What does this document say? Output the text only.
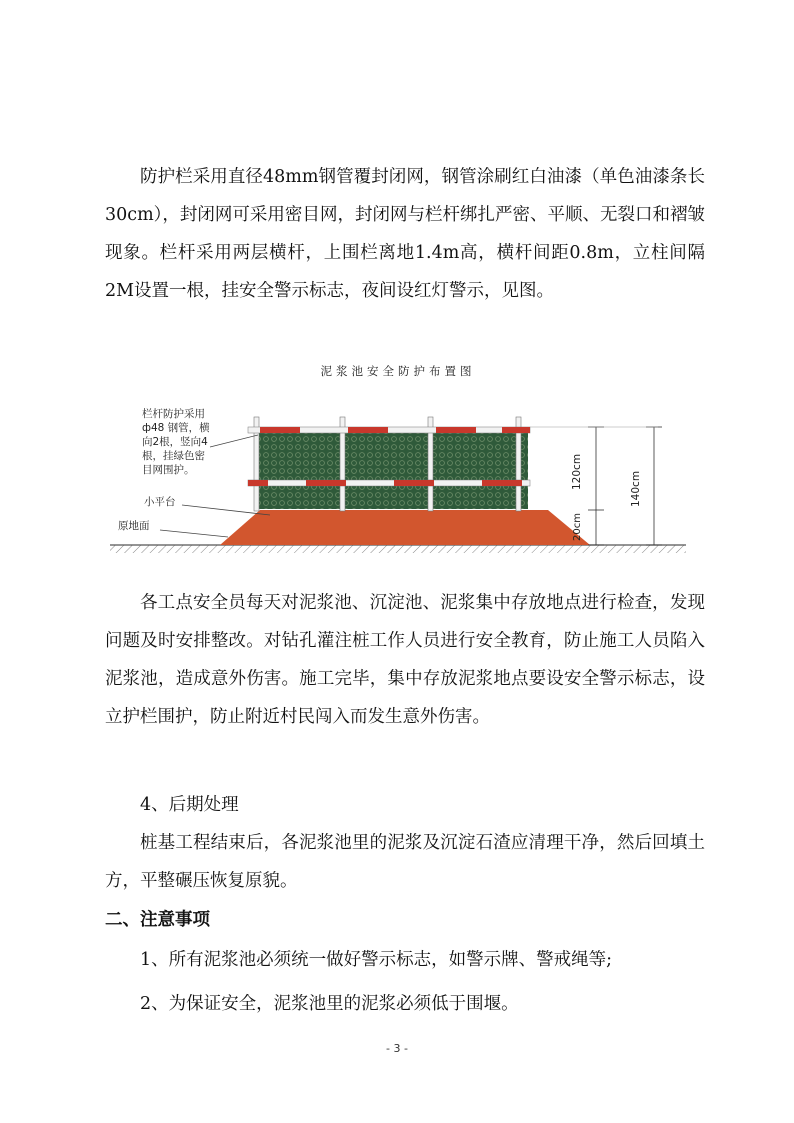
防护栏采用直径48mm钢管覆封闭网，钢管涂刷红白油漆（单色油漆条长30cm），封闭网可采用密目网，封闭网与栏杆绑扎严密、平顺、无裂口和褶皱现象。栏杆采用两层横杆，上围栏离地1.4m高，横杆间距0.8m，立柱间隔2M设置一根，挂安全警示标志，夜间设红灯警示，见图。

泥浆池安全防护布置图

120cm
20cm
140cm
栏杆防护采用
ф48 钢管，横
向2根，竖向4
根，挂绿色密
目网围护。
小平台
原地面

各工点安全员每天对泥浆池、沉淀池、泥浆集中存放地点进行检查，发现问题及时安排整改。对钻孔灌注桩工作人员进行安全教育，防止施工人员陷入泥浆池，造成意外伤害。施工完毕，集中存放泥浆地点要设安全警示标志，设立护栏围护，防止附近村民闯入而发生意外伤害。

4、后期处理

桩基工程结束后，各泥浆池里的泥浆及沉淀石渣应清理干净，然后回填土方，平整碾压恢复原貌。

二、注意事项

1、所有泥浆池必须统一做好警示标志，如警示牌、警戒绳等;

2、为保证安全，泥浆池里的泥浆必须低于围堰。

- 3 -
